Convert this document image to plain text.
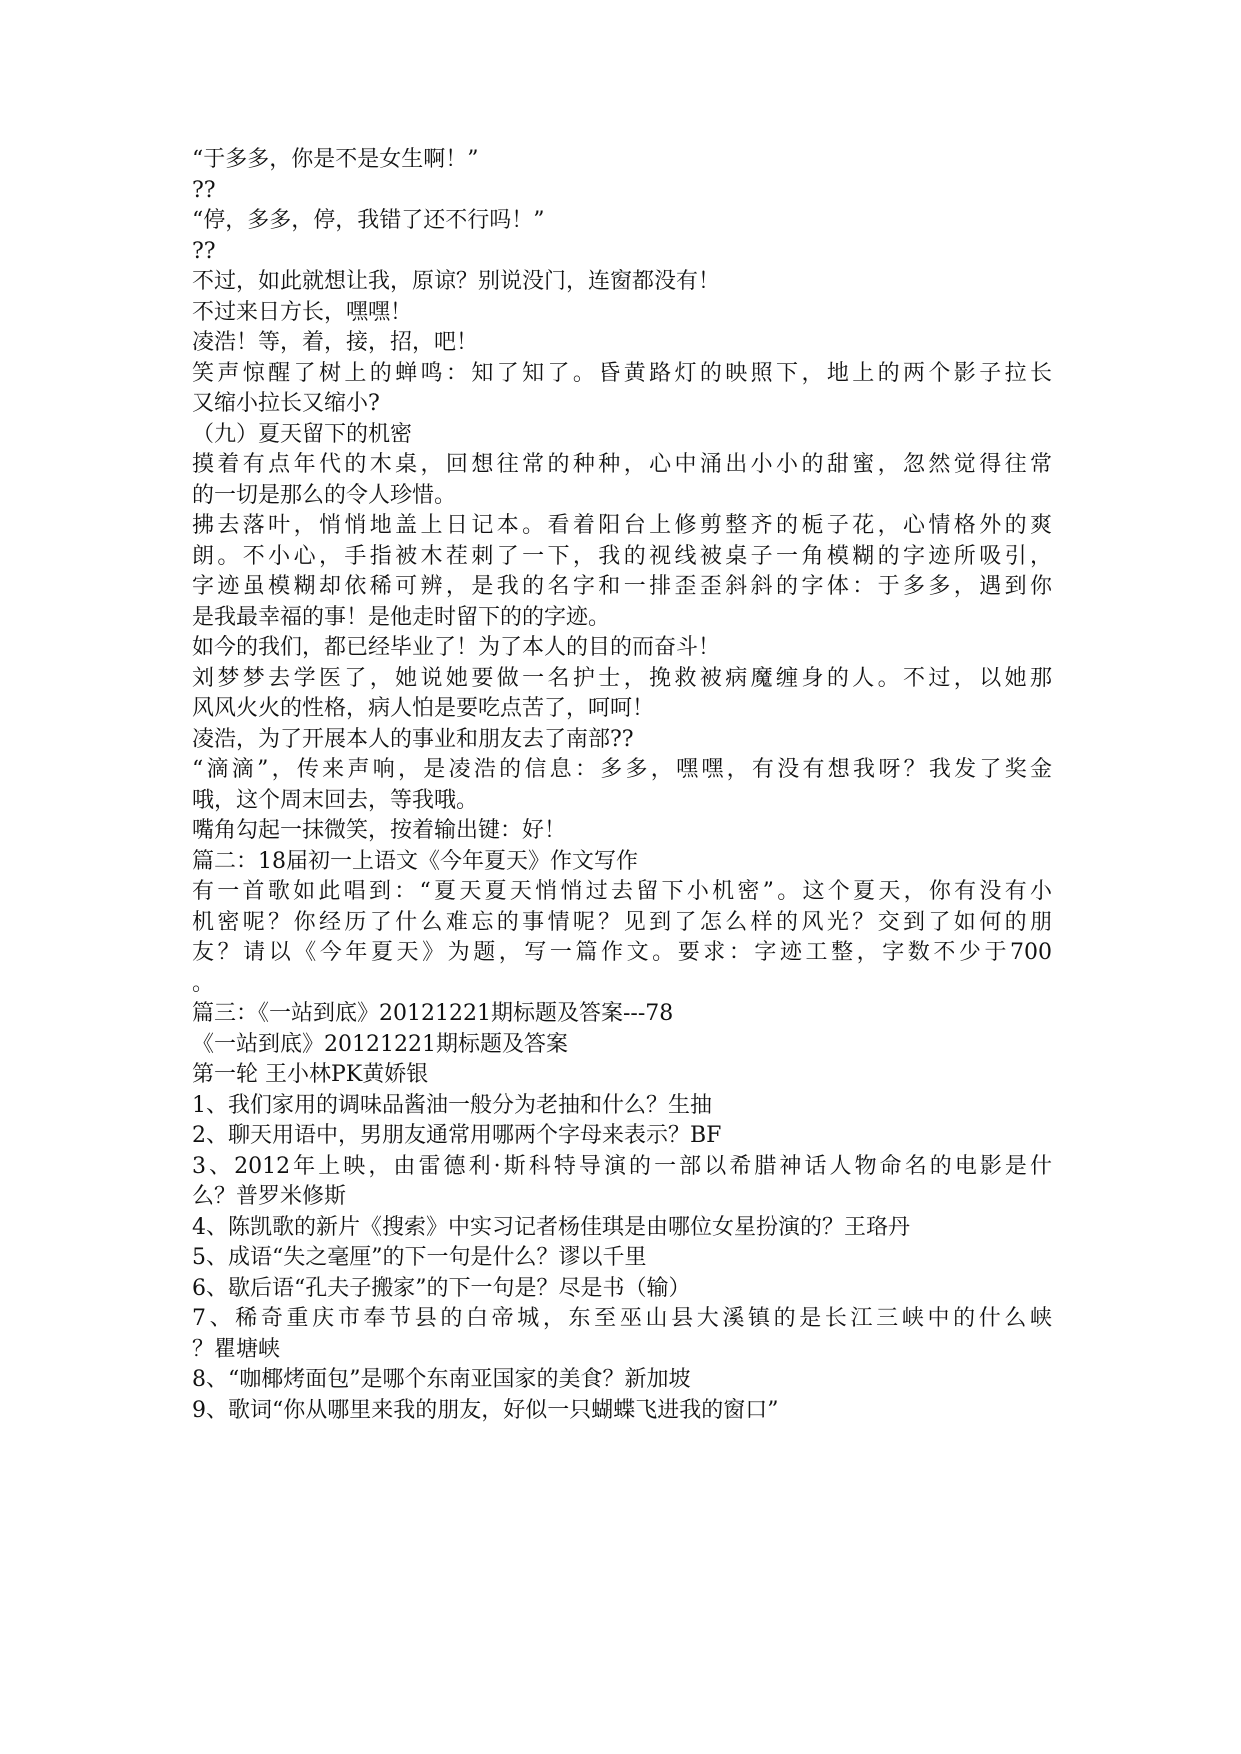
“于多多，你是不是女生啊！”
??
“停，多多，停，我错了还不行吗！”
??
不过，如此就想让我，原谅？别说没门，连窗都没有！
不过来日方长，嘿嘿！
凌浩！等，着，接，招，吧！
笑声惊醒了树上的蝉鸣：知了知了。昏黄路灯的映照下，地上的两个影子拉长
又缩小拉长又缩小?
（九）夏天留下的机密
摸着有点年代的木桌，回想往常的种种，心中涌出小小的甜蜜，忽然觉得往常
的一切是那么的令人珍惜。
拂去落叶，悄悄地盖上日记本。看着阳台上修剪整齐的栀子花，心情格外的爽
朗。不小心，手指被木茬刺了一下，我的视线被桌子一角模糊的字迹所吸引，
字迹虽模糊却依稀可辨，是我的名字和一排歪歪斜斜的字体：于多多，遇到你
是我最幸福的事！是他走时留下的的字迹。
如今的我们，都已经毕业了！为了本人的目的而奋斗！
刘梦梦去学医了，她说她要做一名护士，挽救被病魔缠身的人。不过，以她那
风风火火的性格，病人怕是要吃点苦了，呵呵！
凌浩，为了开展本人的事业和朋友去了南部??
“滴滴”，传来声响，是凌浩的信息：多多，嘿嘿，有没有想我呀？我发了奖金
哦，这个周末回去，等我哦。
嘴角勾起一抹微笑，按着输出键：好！
篇二：18届初一上语文《今年夏天》作文写作
有一首歌如此唱到：“夏天夏天悄悄过去留下小机密”。这个夏天，你有没有小
机密呢？你经历了什么难忘的事情呢？见到了怎么样的风光？交到了如何的朋
友？请以《今年夏天》为题，写一篇作文。要求：字迹工整，字数不少于700
。
篇三：《一站到底》20121221期标题及答案---78
《一站到底》20121221期标题及答案
第一轮 王小林PK黄娇银
1、我们家用的调味品酱油一般分为老抽和什么？生抽
2、聊天用语中，男朋友通常用哪两个字母来表示？BF
3、2012年上映，由雷德利·斯科特导演的一部以希腊神话人物命名的电影是什
么？普罗米修斯
4、陈凯歌的新片《搜索》中实习记者杨佳琪是由哪位女星扮演的？王珞丹
5、成语“失之毫厘”的下一句是什么？谬以千里
6、歇后语“孔夫子搬家”的下一句是？尽是书（输）
7、稀奇重庆市奉节县的白帝城，东至巫山县大溪镇的是长江三峡中的什么峡
？瞿塘峡
8、“咖椰烤面包”是哪个东南亚国家的美食？新加坡
9、歌词“你从哪里来我的朋友，好似一只蝴蝶飞进我的窗口”
